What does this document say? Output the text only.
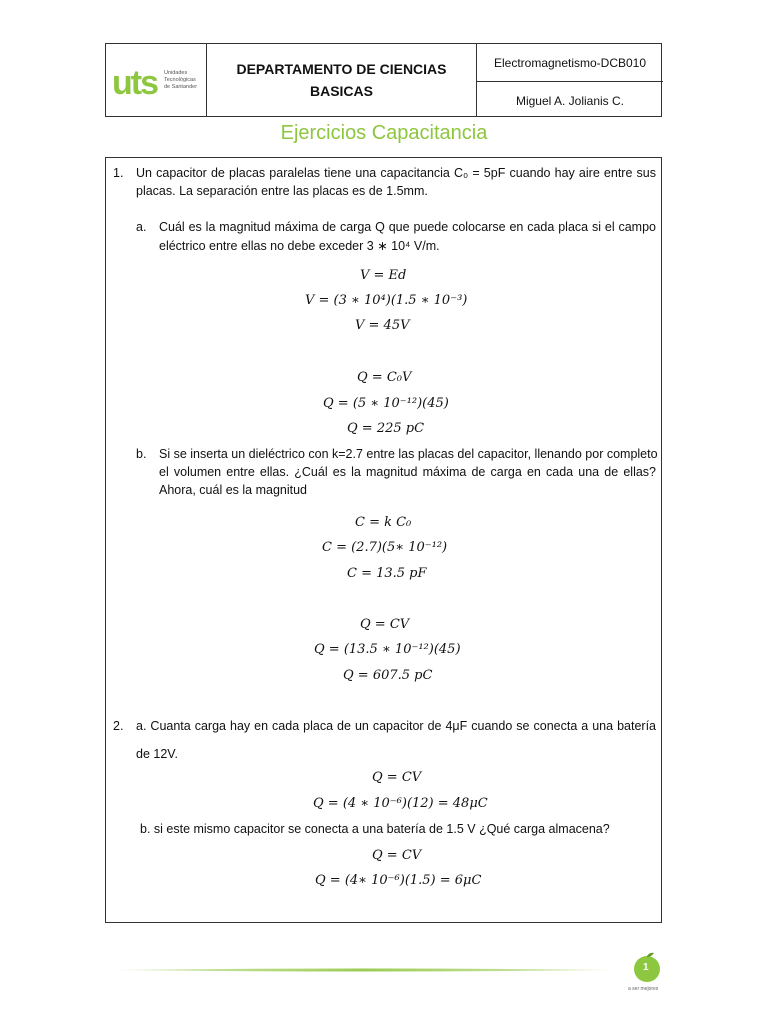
uts Unidades
Tecnológicas
de Santander
DEPARTAMENTO DE CIENCIAS
BASICAS
Electromagnetismo-DCB010
Miguel A. Jolianis C.
Ejercicios Capacitancia
1. Un capacitor de placas paralelas tiene una capacitancia C₀ = 5pF cuando hay aire entre sus
placas. La separación entre las placas es de 1.5mm.
a. Cuál es la magnitud máxima de carga Q que puede colocarse en cada placa si el campo
eléctrico entre ellas no debe exceder 3 ∗ 10⁴ V/m.
V = Ed
V = (3 ∗ 10⁴)(1.5 ∗ 10⁻³)
V = 45V
Q = C₀V
Q = (5 ∗ 10⁻¹²)(45)
Q = 225 pC
b. Si se inserta un dieléctrico con k=2.7 entre las placas del capacitor, llenando por completo
el volumen entre ellas. ¿Cuál es la magnitud máxima de carga en cada una de ellas?
Ahora, cuál es la magnitud
C = k C₀
C = (2.7)(5∗ 10⁻¹²)
C = 13.5 pF
Q = CV
Q = (13.5 ∗ 10⁻¹²)(45)
Q = 607.5 pC
2. a. Cuanta carga hay en cada placa de un capacitor de 4μF cuando se conecta a una batería
de 12V.
Q = CV
Q = (4 ∗ 10⁻⁶)(12) = 48μC
b. si este mismo capacitor se conecta a una batería de 1.5 V ¿Qué carga almacena?
Q = CV
Q = (4∗ 10⁻⁶)(1.5) = 6μC
1
a ser mejores
